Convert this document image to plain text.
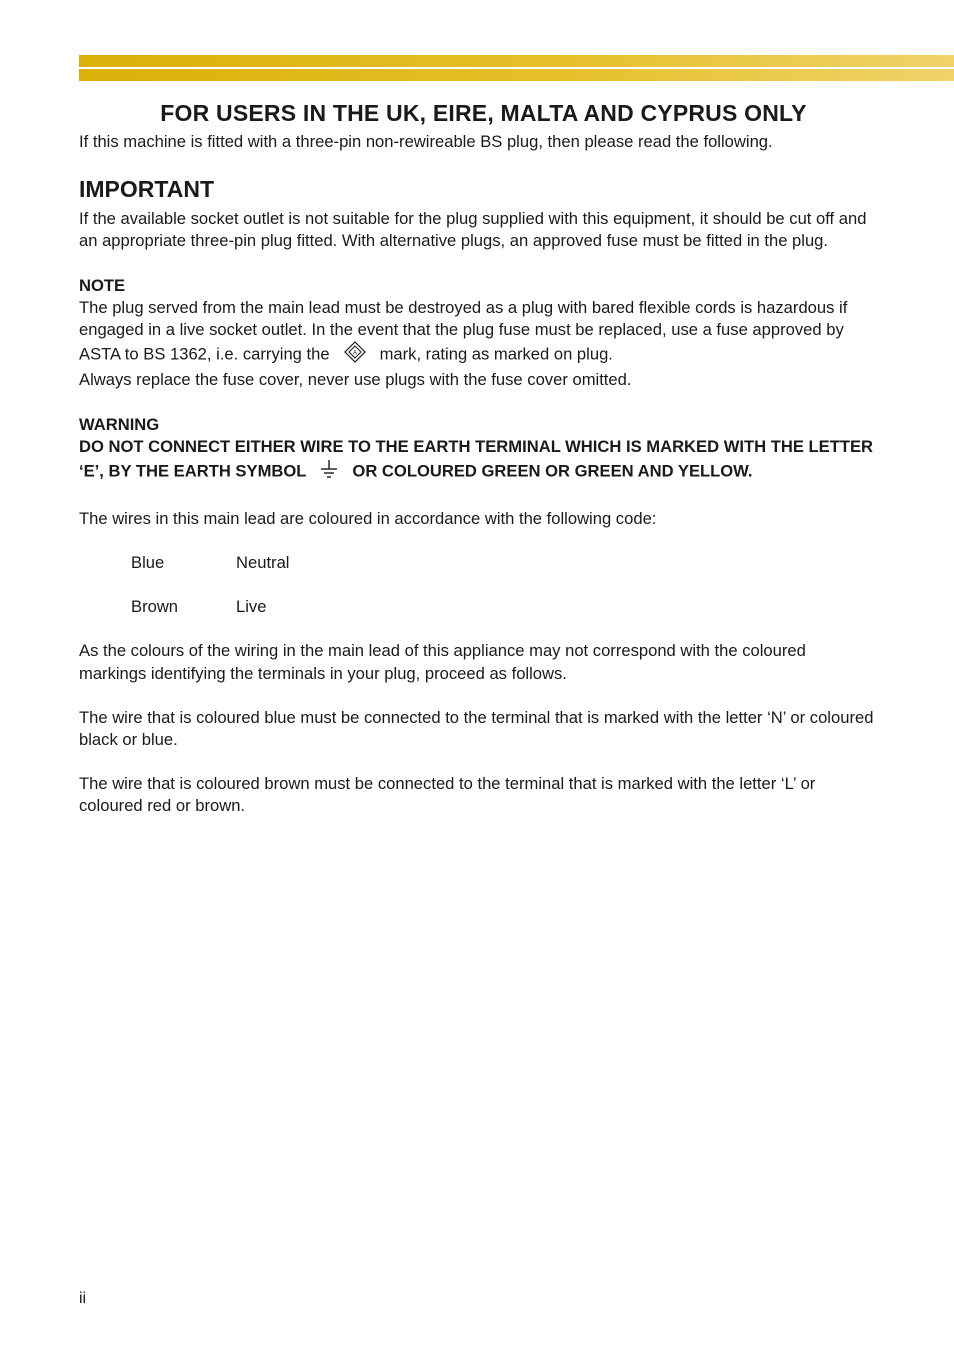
FOR USERS IN THE UK, EIRE, MALTA AND CYPRUS ONLY

If this machine is fitted with a three-pin non-rewireable BS plug, then please read the following.

IMPORTANT

If the available socket outlet is not suitable for the plug supplied with this equipment, it should be cut off and an appropriate three-pin plug fitted. With alternative plugs, an approved fuse must be fitted in the plug.

NOTE

The plug served from the main lead must be destroyed as a plug with bared flexible cords is hazardous if engaged in a live socket outlet. In the event that the plug fuse must be replaced, use a fuse approved by ASTA to BS 1362, i.e. carrying the	A mark, rating as marked on plug.

Always replace the fuse cover, never use plugs with the fuse cover omitted.

WARNING

DO NOT CONNECT EITHER WIRE TO THE EARTH TERMINAL WHICH IS MARKED WITH THE LETTER ‘E’, BY THE EARTH SYMBOL	OR COLOURED GREEN OR GREEN AND YELLOW.

The wires in this main lead are coloured in accordance with the following code:

Blue	Neutral
Brown	Live

As the colours of the wiring in the main lead of this appliance may not correspond with the coloured markings identifying the terminals in your plug, proceed as follows.

The wire that is coloured blue must be connected to the terminal that is marked with the letter ‘N’ or coloured black or blue.

The wire that is coloured brown must be connected to the terminal that is marked with the letter ‘L’ or coloured red or brown.

ii
